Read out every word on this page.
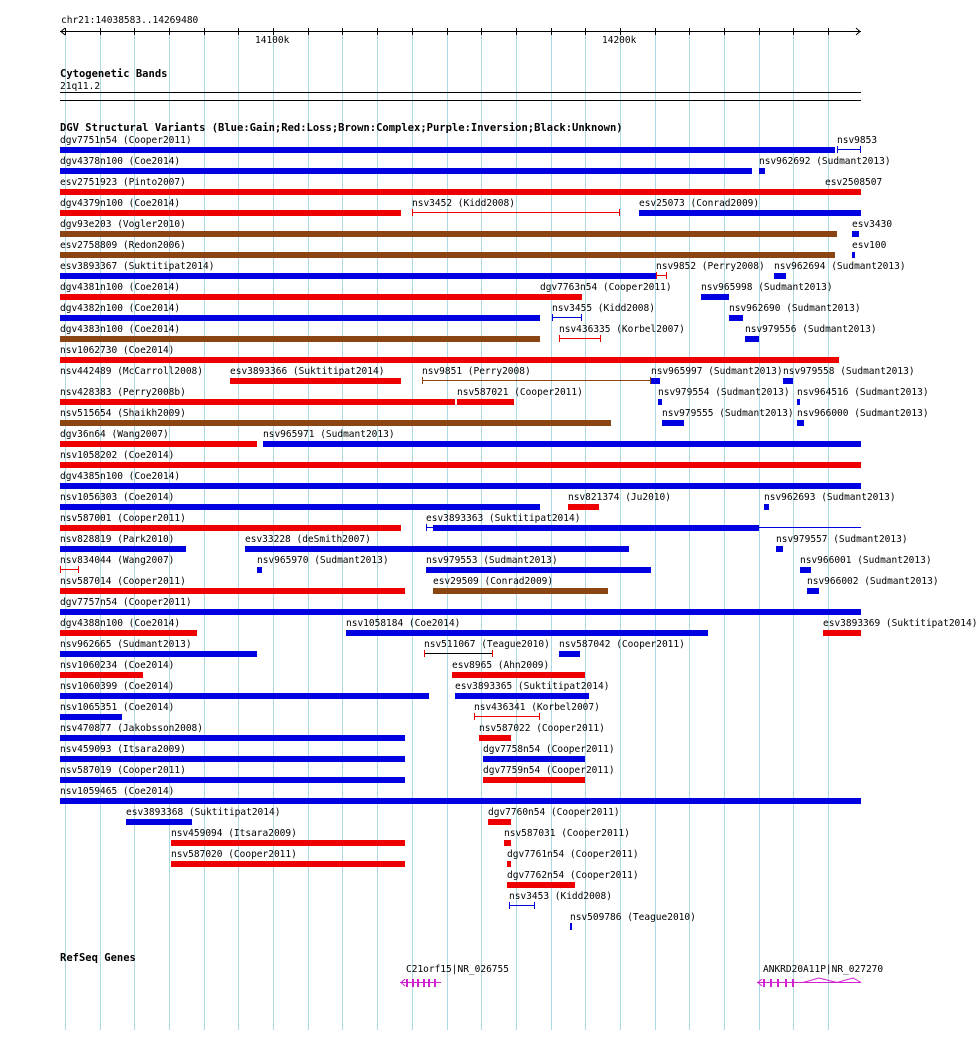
chr21:14038583..14269480
14100k	14200k
Cytogenetic Bands
21q11.2
DGV Structural Variants (Blue:Gain;Red:Loss;Brown:Complex;Purple:Inversion;Black:Unknown)
dgv7751n54 (Cooper2011)	nsv9853
dgv4378n100 (Coe2014)	nsv962692 (Sudmant2013)
esv2751923 (Pinto2007)	esv2508507
dgv4379n100 (Coe2014)	nsv3452 (Kidd2008)	esv25073 (Conrad2009)
dgv93e203 (Vogler2010)	esv3430
esv2758809 (Redon2006)	esv100
esv3893367 (Suktitipat2014)	nsv9852 (Perry2008) nsv962694 (Sudmant2013)
dgv4381n100 (Coe2014)	dgv7763n54 (Cooper2011)	nsv965998 (Sudmant2013)
dgv4382n100 (Coe2014)	nsv3455 (Kidd2008)	nsv962690 (Sudmant2013)
dgv4383n100 (Coe2014)	nsv436335 (Korbel2007)	nsv979556 (Sudmant2013)
nsv1062730 (Coe2014)
nsv442489 (McCarroll2008)	esv3893366 (Suktitipat2014)	nsv9851 (Perry2008)	nsv965997 (Sudmant2013) nsv979558 (Sudmant2013)
nsv428383 (Perry2008b)	nsv587021 (Cooper2011)	nsv979554 (Sudmant2013) nsv964516 (Sudmant2013)
nsv515654 (Shaikh2009)	nsv979555 (Sudmant2013) nsv966000 (Sudmant2013)
dgv36n64 (Wang2007)	nsv965971 (Sudmant2013)
nsv1058202 (Coe2014)
dgv4385n100 (Coe2014)
nsv1056303 (Coe2014)	nsv821374 (Ju2010)	nsv962693 (Sudmant2013)
nsv587001 (Cooper2011)	esv3893363 (Suktitipat2014)
nsv828819 (Park2010)	esv33228 (deSmith2007)	nsv979557 (Sudmant2013)
nsv834044 (Wang2007)	nsv965970 (Sudmant2013)	nsv979553 (Sudmant2013)	nsv966001 (Sudmant2013)
nsv587014 (Cooper2011)	esv29509 (Conrad2009)	nsv966002 (Sudmant2013)
dgv7757n54 (Cooper2011)
dgv4388n100 (Coe2014)	nsv1058184 (Coe2014)	esv3893369 (Suktitipat2014)
nsv962665 (Sudmant2013)	nsv511067 (Teague2010) nsv587042 (Cooper2011)
nsv1060234 (Coe2014)	esv8965 (Ahn2009)
nsv1060399 (Coe2014)	esv3893365 (Suktitipat2014)
nsv1065351 (Coe2014)	nsv436341 (Korbel2007)
nsv470877 (Jakobsson2008)	nsv587022 (Cooper2011)
nsv459093 (Itsara2009)	dgv7758n54 (Cooper2011)
nsv587019 (Cooper2011)	dgv7759n54 (Cooper2011)
nsv1059465 (Coe2014)
esv3893368 (Suktitipat2014)	dgv7760n54 (Cooper2011)
nsv459094 (Itsara2009)	nsv587031 (Cooper2011)
nsv587020 (Cooper2011)	dgv7761n54 (Cooper2011)
dgv7762n54 (Cooper2011)
nsv3453 (Kidd2008)
nsv509786 (Teague2010)
RefSeq Genes
C21orf15|NR_026755	ANKRD20A11P|NR_027270
